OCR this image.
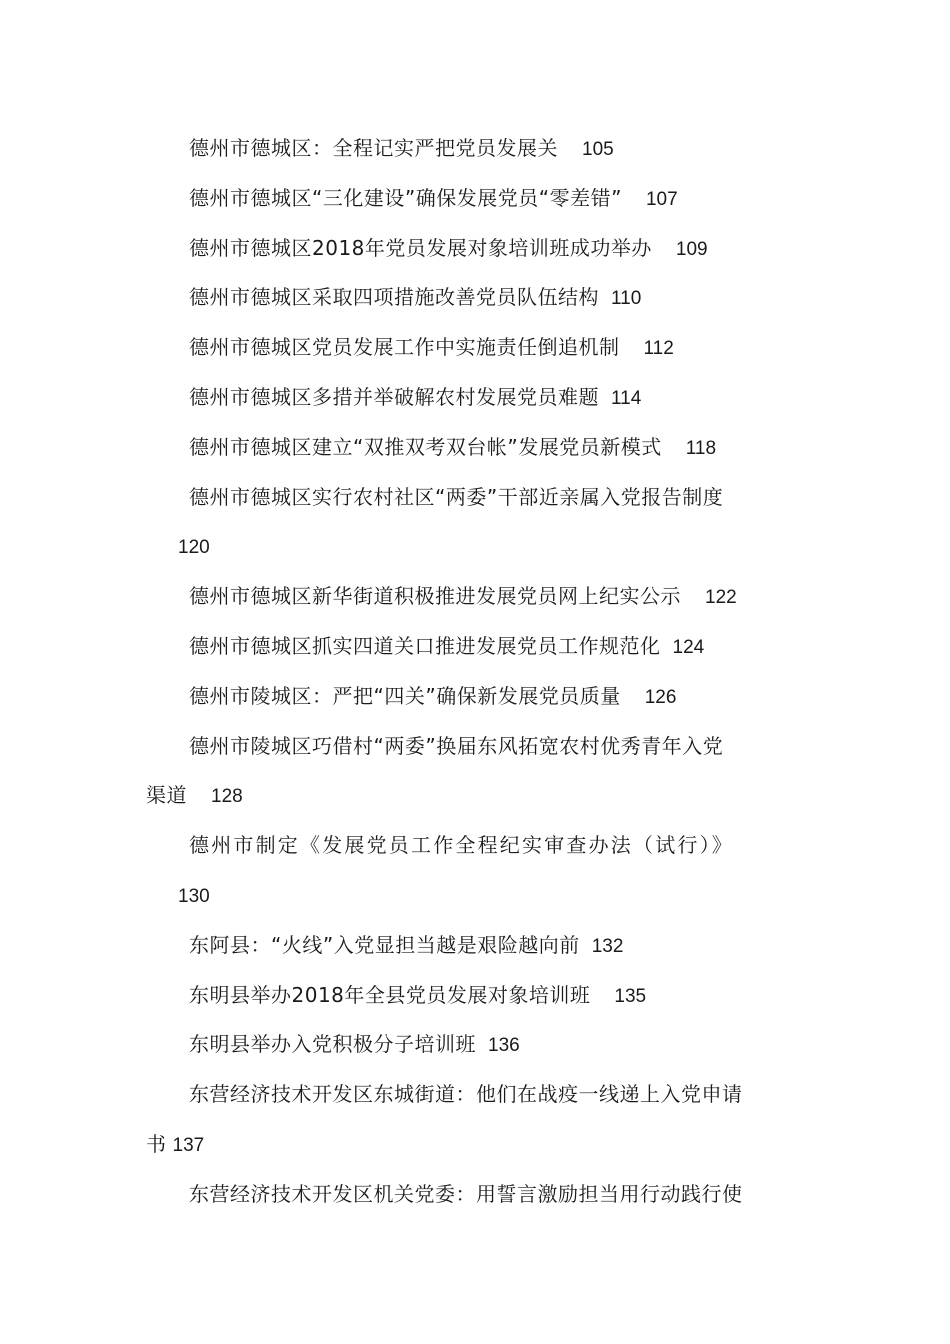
德州市德城区：全程记实严把党员发展关 105
德州市德城区“三化建设”确保发展党员“零差错” 107
德州市德城区2018年党员发展对象培训班成功举办 109
德州市德城区采取四项措施改善党员队伍结构 110
德州市德城区党员发展工作中实施责任倒追机制 112
德州市德城区多措并举破解农村发展党员难题 114
德州市德城区建立“双推双考双台帐”发展党员新模式 118
德州市德城区实行农村社区“两委”干部近亲属入党报告制度
120
德州市德城区新华街道积极推进发展党员网上纪实公示 122
德州市德城区抓实四道关口推进发展党员工作规范化 124
德州市陵城区：严把“四关”确保新发展党员质量 126
德州市陵城区巧借村“两委”换届东风拓宽农村优秀青年入党
渠道 128
德州市制定《发展党员工作全程纪实审查办法（试行）》
130
东阿县：“火线”入党显担当越是艰险越向前 132
东明县举办2018年全县党员发展对象培训班 135
东明县举办入党积极分子培训班 136
东营经济技术开发区东城街道：他们在战疫一线递上入党申请
书 137
东营经济技术开发区机关党委：用誓言激励担当用行动践行使
